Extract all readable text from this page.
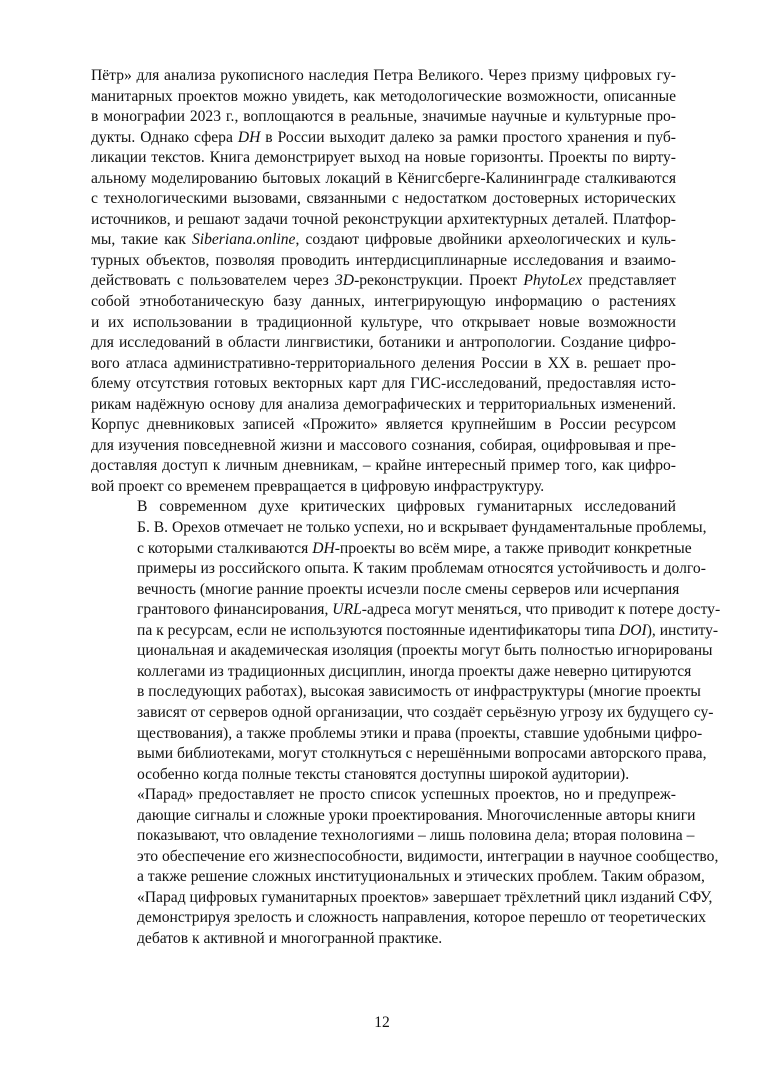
Пётр» для анализа рукописного наследия Петра Великого. Через призму цифровых гу-
манитарных проектов можно увидеть, как методологические возможности, описанные
в монографии 2023 г., воплощаются в реальные, значимые научные и культурные про-
дукты. Однако сфера DH в России выходит далеко за рамки простого хранения и пуб-
ликации текстов. Книга демонстрирует выход на новые горизонты. Проекты по вирту-
альному моделированию бытовых локаций в Кёнигсберге-Калининграде сталкиваются
с технологическими вызовами, связанными с недостатком достоверных исторических
источников, и решают задачи точной реконструкции архитектурных деталей. Платфор-
мы, такие как Siberiana.online, создают цифровые двойники археологических и куль-
турных объектов, позволяя проводить интердисциплинарные исследования и взаимо-
действовать с пользователем через 3D-реконструкции. Проект PhytoLex представляет
собой этноботаническую базу данных, интегрирующую информацию о растениях
и их использовании в традиционной культуре, что открывает новые возможности
для исследований в области лингвистики, ботаники и антропологии. Создание цифро-
вого атласа административно-территориального деления России в XX в. решает про-
блему отсутствия готовых векторных карт для ГИС-исследований, предоставляя исто-
рикам надёжную основу для анализа демографических и территориальных изменений.
Корпус дневниковых записей «Прожито» является крупнейшим в России ресурсом
для изучения повседневной жизни и массового сознания, собирая, оцифровывая и пре-
доставляя доступ к личным дневникам, – крайне интересный пример того, как цифро-
вой проект со временем превращается в цифровую инфраструктуру.

В современном духе критических цифровых гуманитарных исследований
Б. В. Орехов отмечает не только успехи, но и вскрывает фундаментальные проблемы,
с которыми сталкиваются DH-проекты во всём мире, а также приводит конкретные
примеры из российского опыта. К таким проблемам относятся устойчивость и долго-
вечность (многие ранние проекты исчезли после смены серверов или исчерпания
грантового финансирования, URL-адреса могут меняться, что приводит к потере досту-
па к ресурсам, если не используются постоянные идентификаторы типа DOI), институ-
циональная и академическая изоляция (проекты могут быть полностью игнорированы
коллегами из традиционных дисциплин, иногда проекты даже неверно цитируются
в последующих работах), высокая зависимость от инфраструктуры (многие проекты
зависят от серверов одной организации, что создаёт серьёзную угрозу их будущего су-
ществования), а также проблемы этики и права (проекты, ставшие удобными цифро-
выми библиотеками, могут столкнуться с нерешёнными вопросами авторского права,
особенно когда полные тексты становятся доступны широкой аудитории).

«Парад» предоставляет не просто список успешных проектов, но и предупреж-
дающие сигналы и сложные уроки проектирования. Многочисленные авторы книги
показывают, что овладение технологиями – лишь половина дела; вторая половина –
это обеспечение его жизнеспособности, видимости, интеграции в научное сообщество,
а также решение сложных институциональных и этических проблем. Таким образом,
«Парад цифровых гуманитарных проектов» завершает трёхлетний цикл изданий СФУ,
демонстрируя зрелость и сложность направления, которое перешло от теоретических
дебатов к активной и многогранной практике.

12
